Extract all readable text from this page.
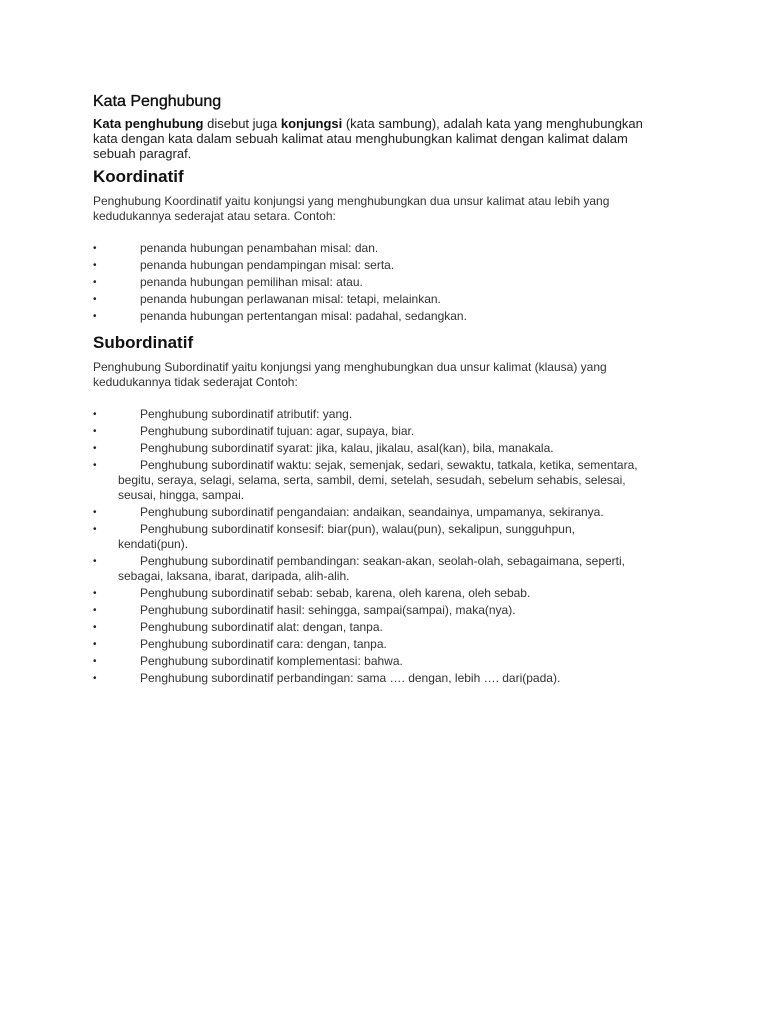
Kata Penghubung

Kata penghubung disebut juga konjungsi (kata sambung), adalah kata yang menghubungkan kata dengan kata dalam sebuah kalimat atau menghubungkan kalimat dengan kalimat dalam sebuah paragraf.

Koordinatif

Penghubung Koordinatif yaitu konjungsi yang menghubungkan dua unsur kalimat atau lebih yang kedudukannya sederajat atau setara. Contoh:

•	penanda hubungan penambahan misal: dan.
•	penanda hubungan pendampingan misal: serta.
•	penanda hubungan pemilihan misal: atau.
•	penanda hubungan perlawanan misal: tetapi, melainkan.
•	penanda hubungan pertentangan misal: padahal, sedangkan.
Subordinatif

Penghubung Subordinatif yaitu konjungsi yang menghubungkan dua unsur kalimat (klausa) yang kedudukannya tidak sederajat Contoh:

•	Penghubung subordinatif atributif: yang.
•	Penghubung subordinatif tujuan: agar, supaya, biar.
•	Penghubung subordinatif syarat: jika, kalau, jikalau, asal(kan), bila, manakala.
•	Penghubung subordinatif waktu: sejak, semenjak, sedari, sewaktu, tatkala, ketika, sementara, begitu, seraya, selagi, selama, serta, sambil, demi, setelah, sesudah, sebelum sehabis, selesai, seusai, hingga, sampai.
•	Penghubung subordinatif pengandaian: andaikan, seandainya, umpamanya, sekiranya.
•	Penghubung subordinatif konsesif: biar(pun), walau(pun), sekalipun, sungguhpun, kendati(pun).
•	Penghubung subordinatif pembandingan: seakan-akan, seolah-olah, sebagaimana, seperti, sebagai, laksana, ibarat, daripada, alih-alih.
•	Penghubung subordinatif sebab: sebab, karena, oleh karena, oleh sebab.
•	Penghubung subordinatif hasil: sehingga, sampai(sampai), maka(nya).
•	Penghubung subordinatif alat: dengan, tanpa.
•	Penghubung subordinatif cara: dengan, tanpa.
•	Penghubung subordinatif komplementasi: bahwa.
•	Penghubung subordinatif perbandingan: sama …. dengan, lebih …. dari(pada).
